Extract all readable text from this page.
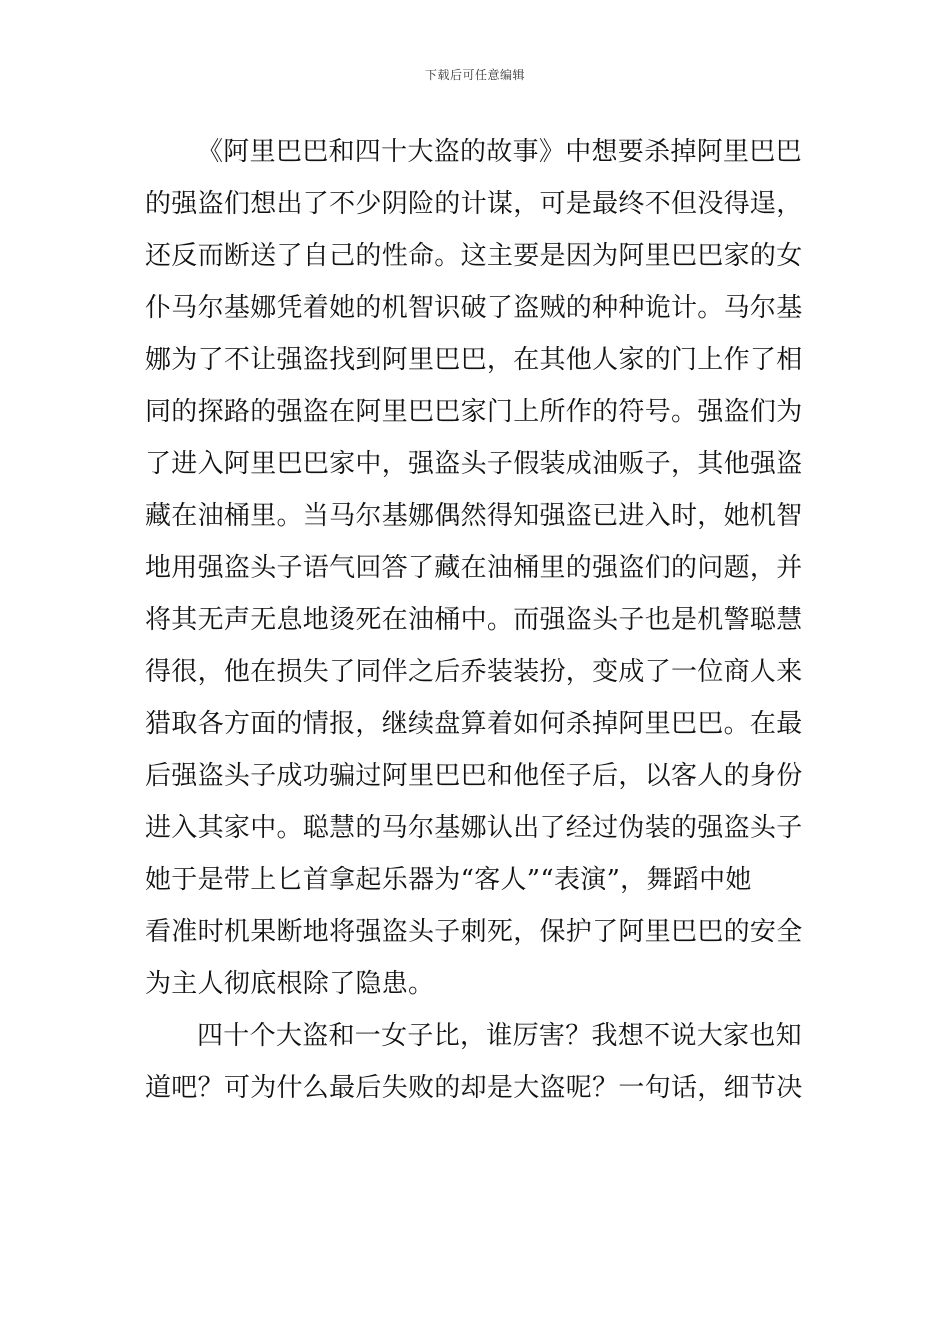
下载后可任意编辑
《阿里巴巴和四十大盗的故事》中想要杀掉阿里巴巴
的强盗们想出了不少阴险的计谋，可是最终不但没得逞，
还反而断送了自己的性命。这主要是因为阿里巴巴家的女
仆马尔基娜凭着她的机智识破了盗贼的种种诡计。马尔基
娜为了不让强盗找到阿里巴巴，在其他人家的门上作了相
同的探路的强盗在阿里巴巴家门上所作的符号。强盗们为
了进入阿里巴巴家中，强盗头子假装成油贩子，其他强盗
藏在油桶里。当马尔基娜偶然得知强盗已进入时，她机智
地用强盗头子语气回答了藏在油桶里的强盗们的问题，并
将其无声无息地烫死在油桶中。而强盗头子也是机警聪慧
得很，他在损失了同伴之后乔装装扮，变成了一位商人来
猎取各方面的情报，继续盘算着如何杀掉阿里巴巴。在最
后强盗头子成功骗过阿里巴巴和他侄子后，以客人的身份
进入其家中。聪慧的马尔基娜认出了经过伪装的强盗头子
她于是带上匕首拿起乐器为“客人”“表演”，舞蹈中她
看准时机果断地将强盗头子刺死，保护了阿里巴巴的安全
为主人彻底根除了隐患。
四十个大盗和一女子比，谁厉害？我想不说大家也知
道吧？可为什么最后失败的却是大盗呢？一句话，细节决
